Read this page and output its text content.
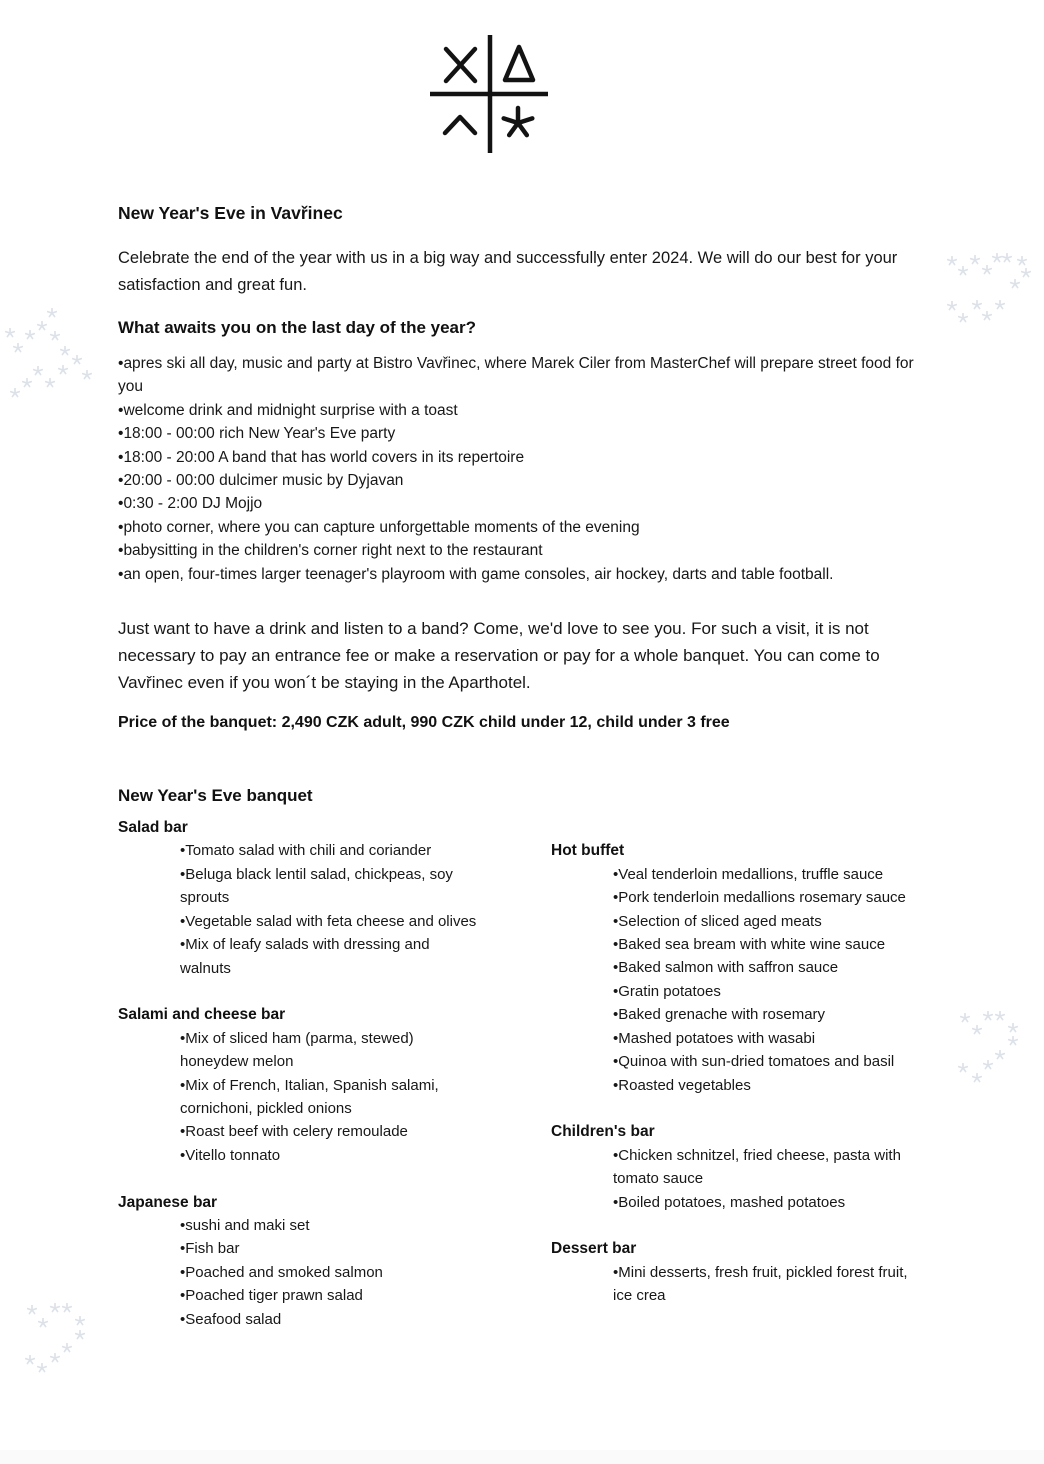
New Year's Eve in Vavřinec

Celebrate the end of the year with us in a big way and successfully enter 2024. We will do our best for your satisfaction and great fun.

What awaits you on the last day of the year?
• apres ski all day, music and party at Bistro Vavřinec, where Marek Ciler from MasterChef will prepare street food for you
• welcome drink and midnight surprise with a toast
• 18:00 - 00:00 rich New Year's Eve party
• 18:00 - 20:00 A band that has world covers in its repertoire
• 20:00 - 00:00 dulcimer music by Dyjavan
• 0:30 - 2:00 DJ Mojjo
• photo corner, where you can capture unforgettable moments of the evening
• babysitting in the children's corner right next to the restaurant
• an open, four-times larger teenager's playroom with game consoles, air hockey, darts and table football.

Just want to have a drink and listen to a band? Come, we'd love to see you. For such a visit, it is not necessary to pay an entrance fee or make a reservation or pay for a whole banquet. You can come to Vavřinec even if you won´t be staying in the Aparthotel.

Price of the banquet: 2,490 CZK adult, 990 CZK child under 12, child under 3 free

New Year's Eve banquet
Salad bar
• Tomato salad with chili and coriander
• Beluga black lentil salad, chickpeas, soy sprouts
• Vegetable salad with feta cheese and olives
• Mix of leafy salads with dressing and walnuts
Salami and cheese bar
• Mix of sliced ham (parma, stewed) honeydew melon
• Mix of French, Italian, Spanish salami, cornichoni, pickled onions
• Roast beef with celery remoulade
• Vitello tonnato
Japanese bar
• sushi and maki set
• Fish bar
• Poached and smoked salmon
• Poached tiger prawn salad
• Seafood salad
Hot buffet
• Veal tenderloin medallions, truffle sauce
• Pork tenderloin medallions rosemary sauce
• Selection of sliced aged meats
• Baked sea bream with white wine sauce
• Baked salmon with saffron sauce
• Gratin potatoes
• Baked grenache with rosemary
• Mashed potatoes with wasabi
• Quinoa with sun-dried tomatoes and basil
• Roasted vegetables
Children's bar
• Chicken schnitzel, fried cheese, pasta with tomato sauce
• Boiled potatoes, mashed potatoes
Dessert bar
• Mini desserts, fresh fruit, pickled forest fruit, ice crea
